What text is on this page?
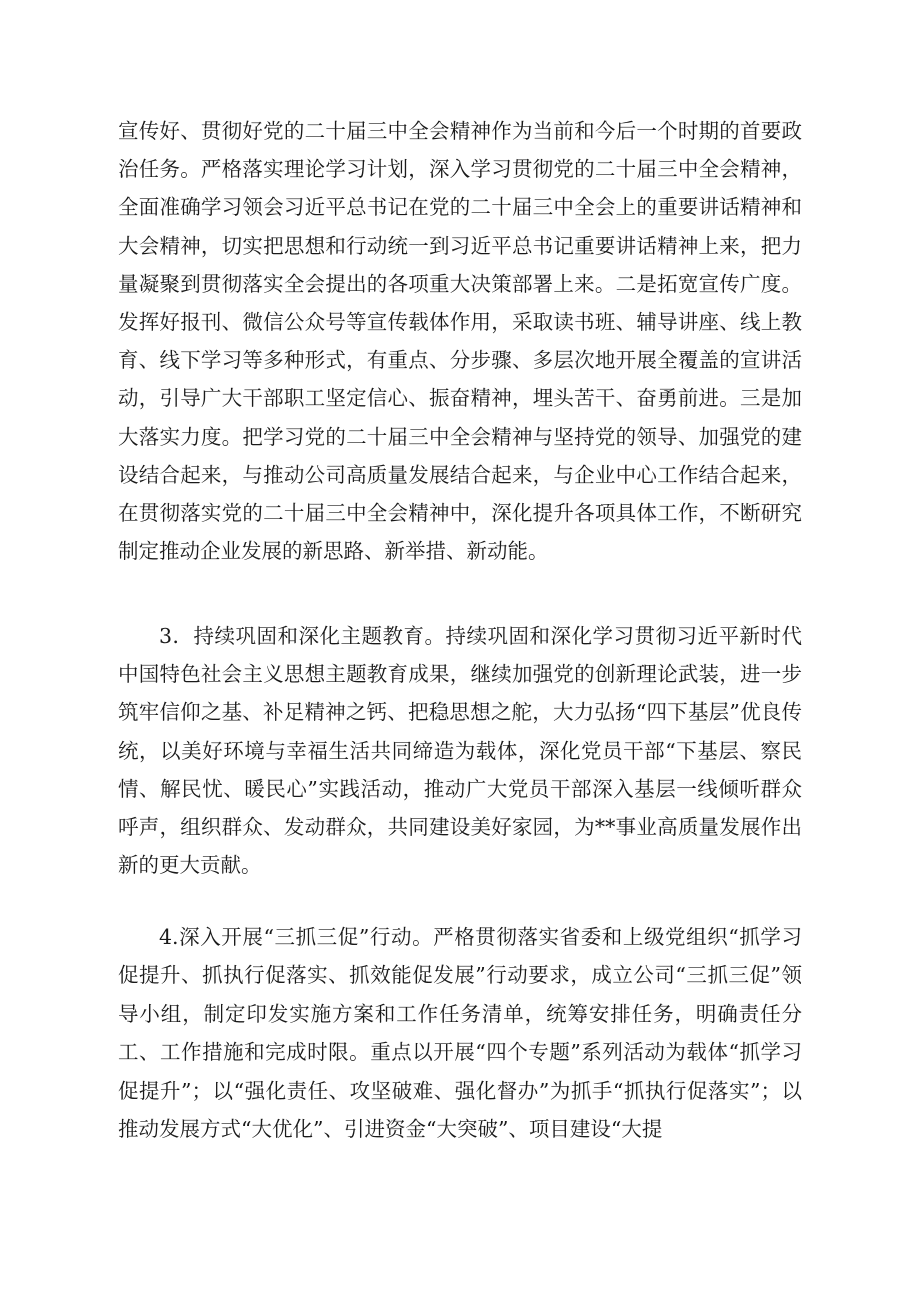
宣传好、贯彻好党的二十届三中全会精神作为当前和今后一个时期的首要政治任务。严格落实理论学习计划，深入学习贯彻党的二十届三中全会精神，全面准确学习领会习近平总书记在党的二十届三中全会上的重要讲话精神和大会精神，切实把思想和行动统一到习近平总书记重要讲话精神上来，把力量凝聚到贯彻落实全会提出的各项重大决策部署上来。二是拓宽宣传广度。发挥好报刊、微信公众号等宣传载体作用，采取读书班、辅导讲座、线上教育、线下学习等多种形式，有重点、分步骤、多层次地开展全覆盖的宣讲活动，引导广大干部职工坚定信心、振奋精神，埋头苦干、奋勇前进。三是加大落实力度。把学习党的二十届三中全会精神与坚持党的领导、加强党的建设结合起来，与推动公司高质量发展结合起来，与企业中心工作结合起来，在贯彻落实党的二十届三中全会精神中，深化提升各项具体工作，不断研究制定推动企业发展的新思路、新举措、新动能。

3．持续巩固和深化主题教育。持续巩固和深化学习贯彻习近平新时代中国特色社会主义思想主题教育成果，继续加强党的创新理论武装，进一步筑牢信仰之基、补足精神之钙、把稳思想之舵，大力弘扬“四下基层”优良传统，以美好环境与幸福生活共同缔造为载体，深化党员干部“下基层、察民情、解民忧、暖民心”实践活动，推动广大党员干部深入基层一线倾听群众呼声，组织群众、发动群众，共同建设美好家园，为**事业高质量发展作出新的更大贡献。

4.深入开展“三抓三促”行动。严格贯彻落实省委和上级党组织“抓学习促提升、抓执行促落实、抓效能促发展”行动要求，成立公司“三抓三促”领导小组，制定印发实施方案和工作任务清单，统筹安排任务，明确责任分工、工作措施和完成时限。重点以开展“四个专题”系列活动为载体“抓学习促提升”；以“强化责任、攻坚破难、强化督办”为抓手“抓执行促落实”；以推动发展方式“大优化”、引进资金“大突破”、项目建设“大提
